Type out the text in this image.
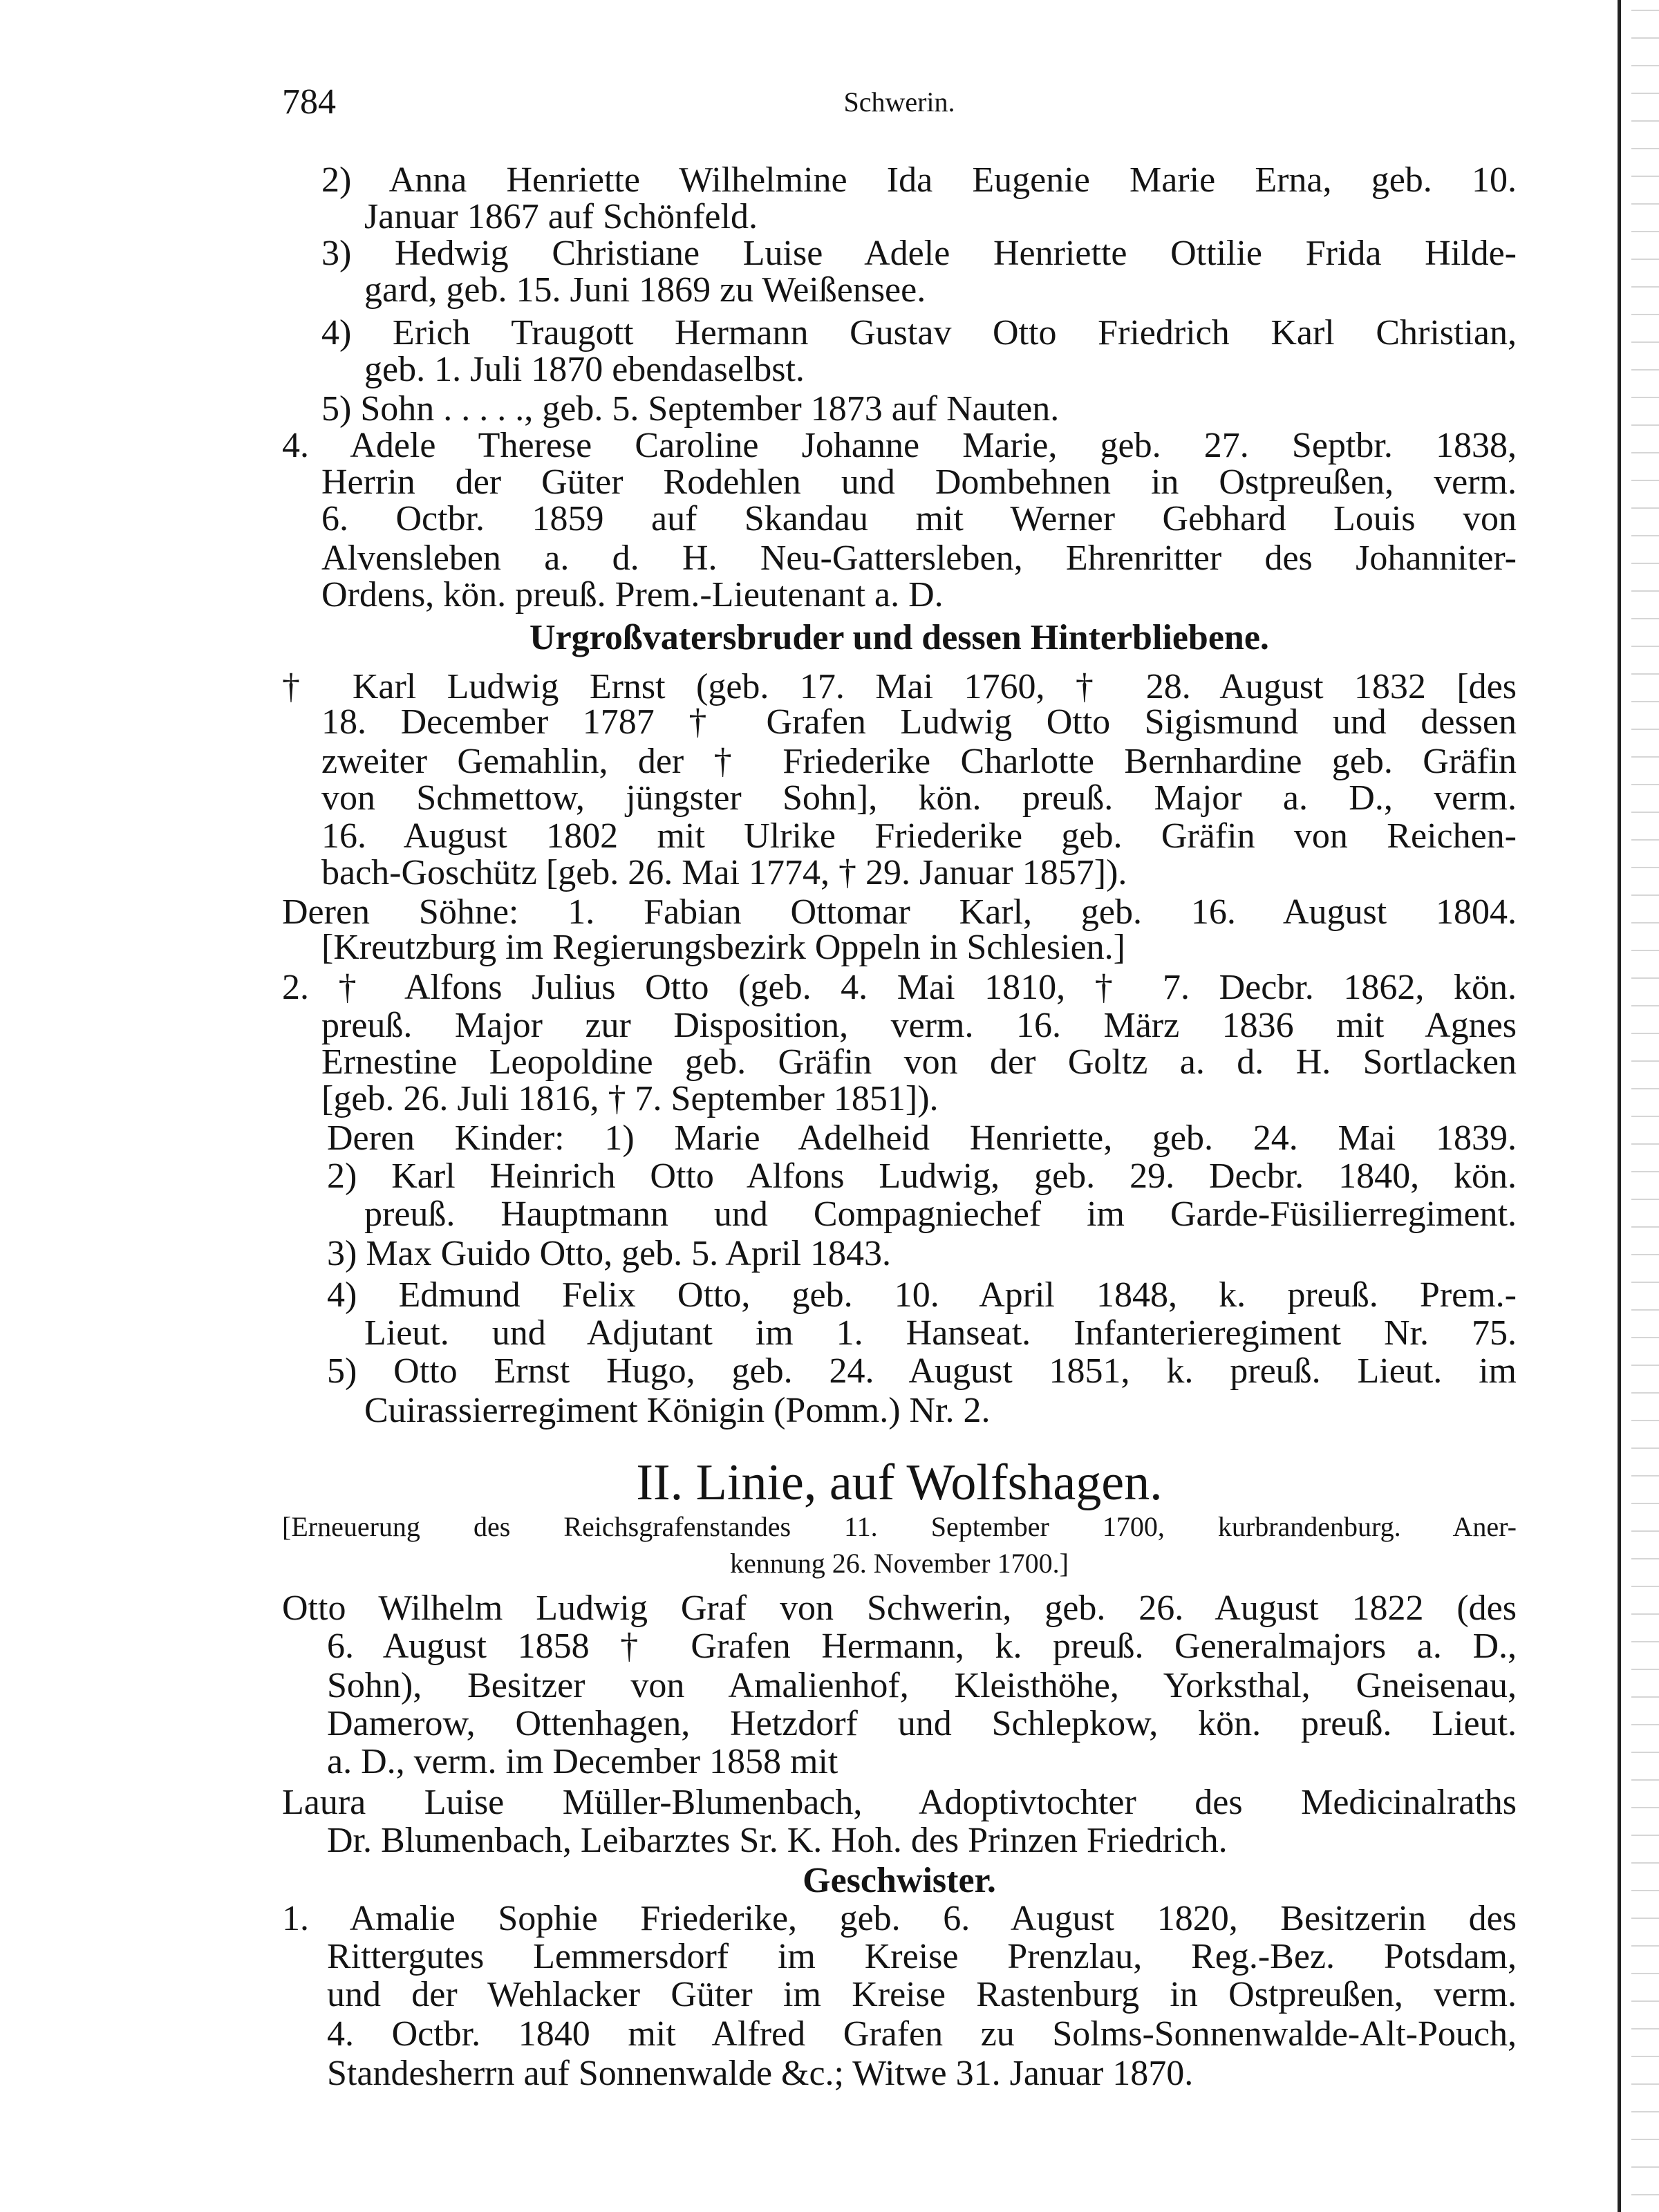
784	Schwerin.
2) Anna Henriette Wilhelmine Ida Eugenie Marie Erna, geb. 10.
Januar 1867 auf Schönfeld.
3) Hedwig Christiane Luise Adele Henriette Ottilie Frida Hilde-
gard, geb. 15. Juni 1869 zu Weißensee.
4) Erich Traugott Hermann Gustav Otto Friedrich Karl Christian,
geb. 1. Juli 1870 ebendaselbst.
5) Sohn . . . . ., geb. 5. September 1873 auf Nauten.
4. Adele Therese Caroline Johanne Marie, geb. 27. Septbr. 1838,
Herrin der Güter Rodehlen und Dombehnen in Ostpreußen, verm.
6. Octbr. 1859 auf Skandau mit Werner Gebhard Louis von
Alvensleben a. d. H. Neu-Gattersleben, Ehrenritter des Johanniter-
Ordens, kön. preuß. Prem.-Lieutenant a. D.
Urgroßvatersbruder und dessen Hinterbliebene.
† Karl Ludwig Ernst (geb. 17. Mai 1760, † 28. August 1832 [des
18. December 1787 † Grafen Ludwig Otto Sigismund und dessen
zweiter Gemahlin, der † Friederike Charlotte Bernhardine geb. Gräfin
von Schmettow, jüngster Sohn], kön. preuß. Major a. D., verm.
16. August 1802 mit Ulrike Friederike geb. Gräfin von Reichen-
bach-Goschütz [geb. 26. Mai 1774, † 29. Januar 1857]).
Deren Söhne: 1. Fabian Ottomar Karl, geb. 16. August 1804.
[Kreutzburg im Regierungsbezirk Oppeln in Schlesien.]
2. † Alfons Julius Otto (geb. 4. Mai 1810, † 7. Decbr. 1862, kön.
preuß. Major zur Disposition, verm. 16. März 1836 mit Agnes
Ernestine Leopoldine geb. Gräfin von der Goltz a. d. H. Sortlacken
[geb. 26. Juli 1816, † 7. September 1851]).
Deren Kinder: 1) Marie Adelheid Henriette, geb. 24. Mai 1839.
2) Karl Heinrich Otto Alfons Ludwig, geb. 29. Decbr. 1840, kön.
preuß. Hauptmann und Compagniechef im Garde-Füsilierregiment.
3) Max Guido Otto, geb. 5. April 1843.
4) Edmund Felix Otto, geb. 10. April 1848, k. preuß. Prem.-
Lieut. und Adjutant im 1. Hanseat. Infanterieregiment Nr. 75.
5) Otto Ernst Hugo, geb. 24. August 1851, k. preuß. Lieut. im
Cuirassierregiment Königin (Pomm.) Nr. 2.
II. Linie, auf Wolfshagen.
[Erneuerung des Reichsgrafenstandes 11. September 1700, kurbrandenburg. Aner-
kennung 26. November 1700.]
Otto Wilhelm Ludwig Graf von Schwerin, geb. 26. August 1822 (des
6. August 1858 † Grafen Hermann, k. preuß. Generalmajors a. D.,
Sohn), Besitzer von Amalienhof, Kleisthöhe, Yorksthal, Gneisenau,
Damerow, Ottenhagen, Hetzdorf und Schlepkow, kön. preuß. Lieut.
a. D., verm. im December 1858 mit
Laura Luise Müller-Blumenbach, Adoptivtochter des Medicinalraths
Dr. Blumenbach, Leibarztes Sr. K. Hoh. des Prinzen Friedrich.
Geschwister.
1. Amalie Sophie Friederike, geb. 6. August 1820, Besitzerin des
Rittergutes Lemmersdorf im Kreise Prenzlau, Reg.-Bez. Potsdam,
und der Wehlacker Güter im Kreise Rastenburg in Ostpreußen, verm.
4. Octbr. 1840 mit Alfred Grafen zu Solms-Sonnenwalde-Alt-Pouch,
Standesherrn auf Sonnenwalde &c.; Witwe 31. Januar 1870.
